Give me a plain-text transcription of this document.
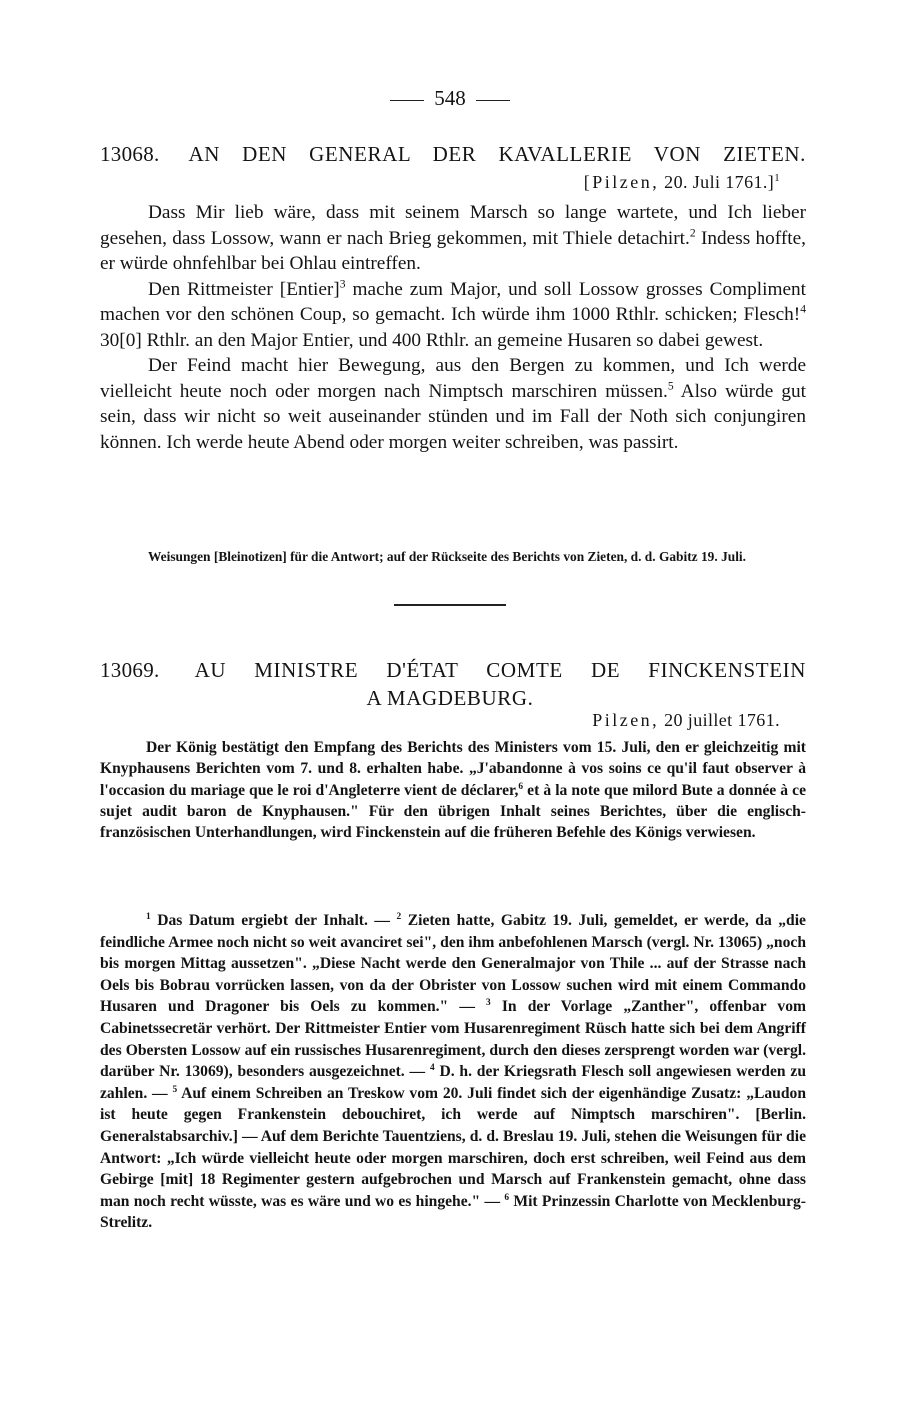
548
13068. AN DEN GENERAL DER KAVALLERIE VON ZIETEN.
[Pilzen, 20. Juli 1761.]$^1$

Dass Mir lieb wäre, dass mit seinem Marsch so lange wartete, und Ich lieber gesehen, dass Lossow, wann er nach Brieg gekommen, mit Thiele detachirt.$^2$ Indess hoffte, er würde ohnfehlbar bei Ohlau eintreffen.

Den Rittmeister [Entier]$^3$ mache zum Major, und soll Lossow grosses Compliment machen vor den schönen Coup, so gemacht. Ich würde ihm 1000 Rthlr. schicken; Flesch!$^4$ 30[0] Rthlr. an den Major Entier, und 400 Rthlr. an gemeine Husaren so dabei gewest.

Der Feind macht hier Bewegung, aus den Bergen zu kommen, und Ich werde vielleicht heute noch oder morgen nach Nimptsch marschiren müssen.$^5$ Also würde gut sein, dass wir nicht so weit auseinander stünden und im Fall der Noth sich conjungiren können. Ich werde heute Abend oder morgen weiter schreiben, was passirt.

Weisungen [Bleinotizen] für die Antwort; auf der Rückseite des Berichts von Zieten, d. d. Gabitz 19. Juli.
13069. AU MINISTRE D'ÉTAT COMTE DE FINCKENSTEIN
A MAGDEBURG.
Pilzen, 20 juillet 1761.

Der König bestätigt den Empfang des Berichts des Ministers vom 15. Juli, den er gleichzeitig mit Knyphausens Berichten vom 7. und 8. erhalten habe. „J'abandonne à vos soins ce qu'il faut observer à l'occasion du mariage que le roi d'Angleterre vient de déclarer,$^6$ et à la note que milord Bute a donnée à ce sujet audit baron de Knyphausen." Für den übrigen Inhalt seines Berichtes, über die englisch-französischen Unterhandlungen, wird Finckenstein auf die früheren Befehle des Königs verwiesen.

$^1$ Das Datum ergiebt der Inhalt. — $^2$ Zieten hatte, Gabitz 19. Juli, gemeldet, er werde, da „die feindliche Armee noch nicht so weit avanciret sei", den ihm anbefohlenen Marsch (vergl. Nr. 13065) „noch bis morgen Mittag aussetzen". „Diese Nacht werde den Generalmajor von Thile ... auf der Strasse nach Oels bis Bobrau vorrücken lassen, von da der Obrister von Lossow suchen wird mit einem Commando Husaren und Dragoner bis Oels zu kommen." — $^3$ In der Vorlage „Zanther", offenbar vom Cabinetssecretär verhört. Der Rittmeister Entier vom Husarenregiment Rüsch hatte sich bei dem Angriff des Obersten Lossow auf ein russisches Husarenregiment, durch den dieses zersprengt worden war (vergl. darüber Nr. 13069), besonders ausgezeichnet. — $^4$ D. h. der Kriegsrath Flesch soll angewiesen werden zu zahlen. — $^5$ Auf einem Schreiben an Treskow vom 20. Juli findet sich der eigenhändige Zusatz: „Laudon ist heute gegen Frankenstein debouchiret, ich werde auf Nimptsch marschiren". [Berlin. Generalstabsarchiv.] — Auf dem Berichte Tauentziens, d. d. Breslau 19. Juli, stehen die Weisungen für die Antwort: „Ich würde vielleicht heute oder morgen marschiren, doch erst schreiben, weil Feind aus dem Gebirge [mit] 18 Regimenter gestern aufgebrochen und Marsch auf Frankenstein gemacht, ohne dass man noch recht wüsste, was es wäre und wo es hingehe." — $^6$ Mit Prinzessin Charlotte von Mecklenburg-Strelitz.
